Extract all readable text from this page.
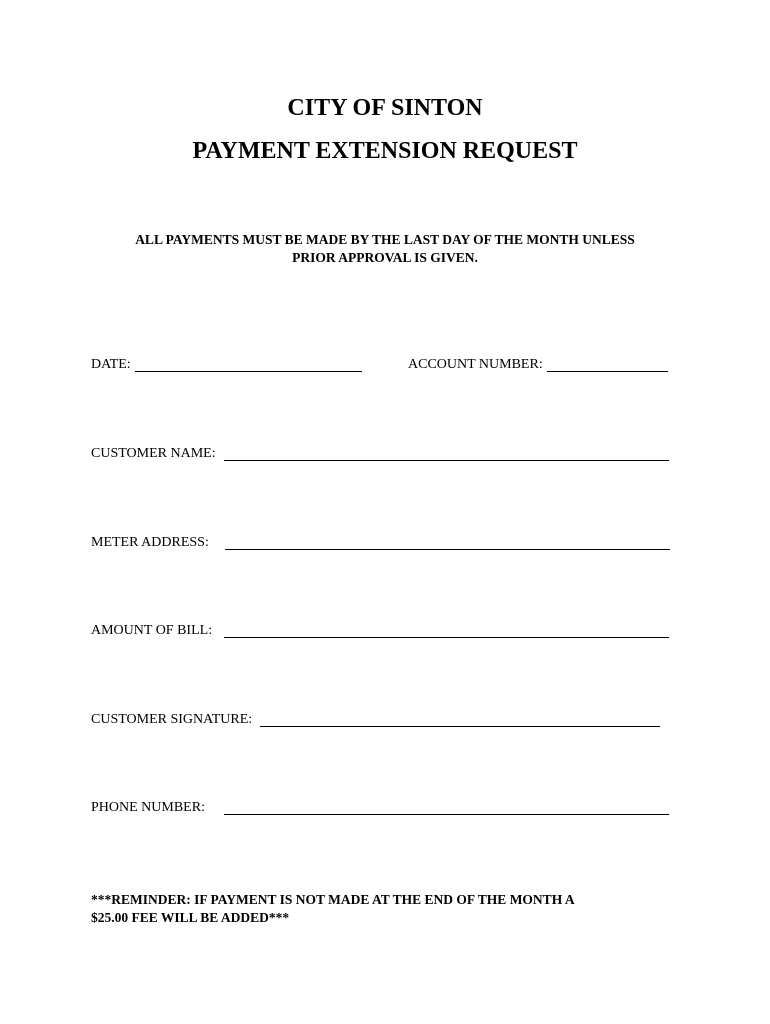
CITY OF SINTON
PAYMENT EXTENSION REQUEST
ALL PAYMENTS MUST BE MADE BY THE LAST DAY OF THE MONTH UNLESS
PRIOR APPROVAL IS GIVEN.
DATE:	ACCOUNT NUMBER:
CUSTOMER NAME:
METER ADDRESS:
AMOUNT OF BILL:
CUSTOMER SIGNATURE:
PHONE NUMBER:
***REMINDER: IF PAYMENT IS NOT MADE AT THE END OF THE MONTH A
$25.00 FEE WILL BE ADDED***
